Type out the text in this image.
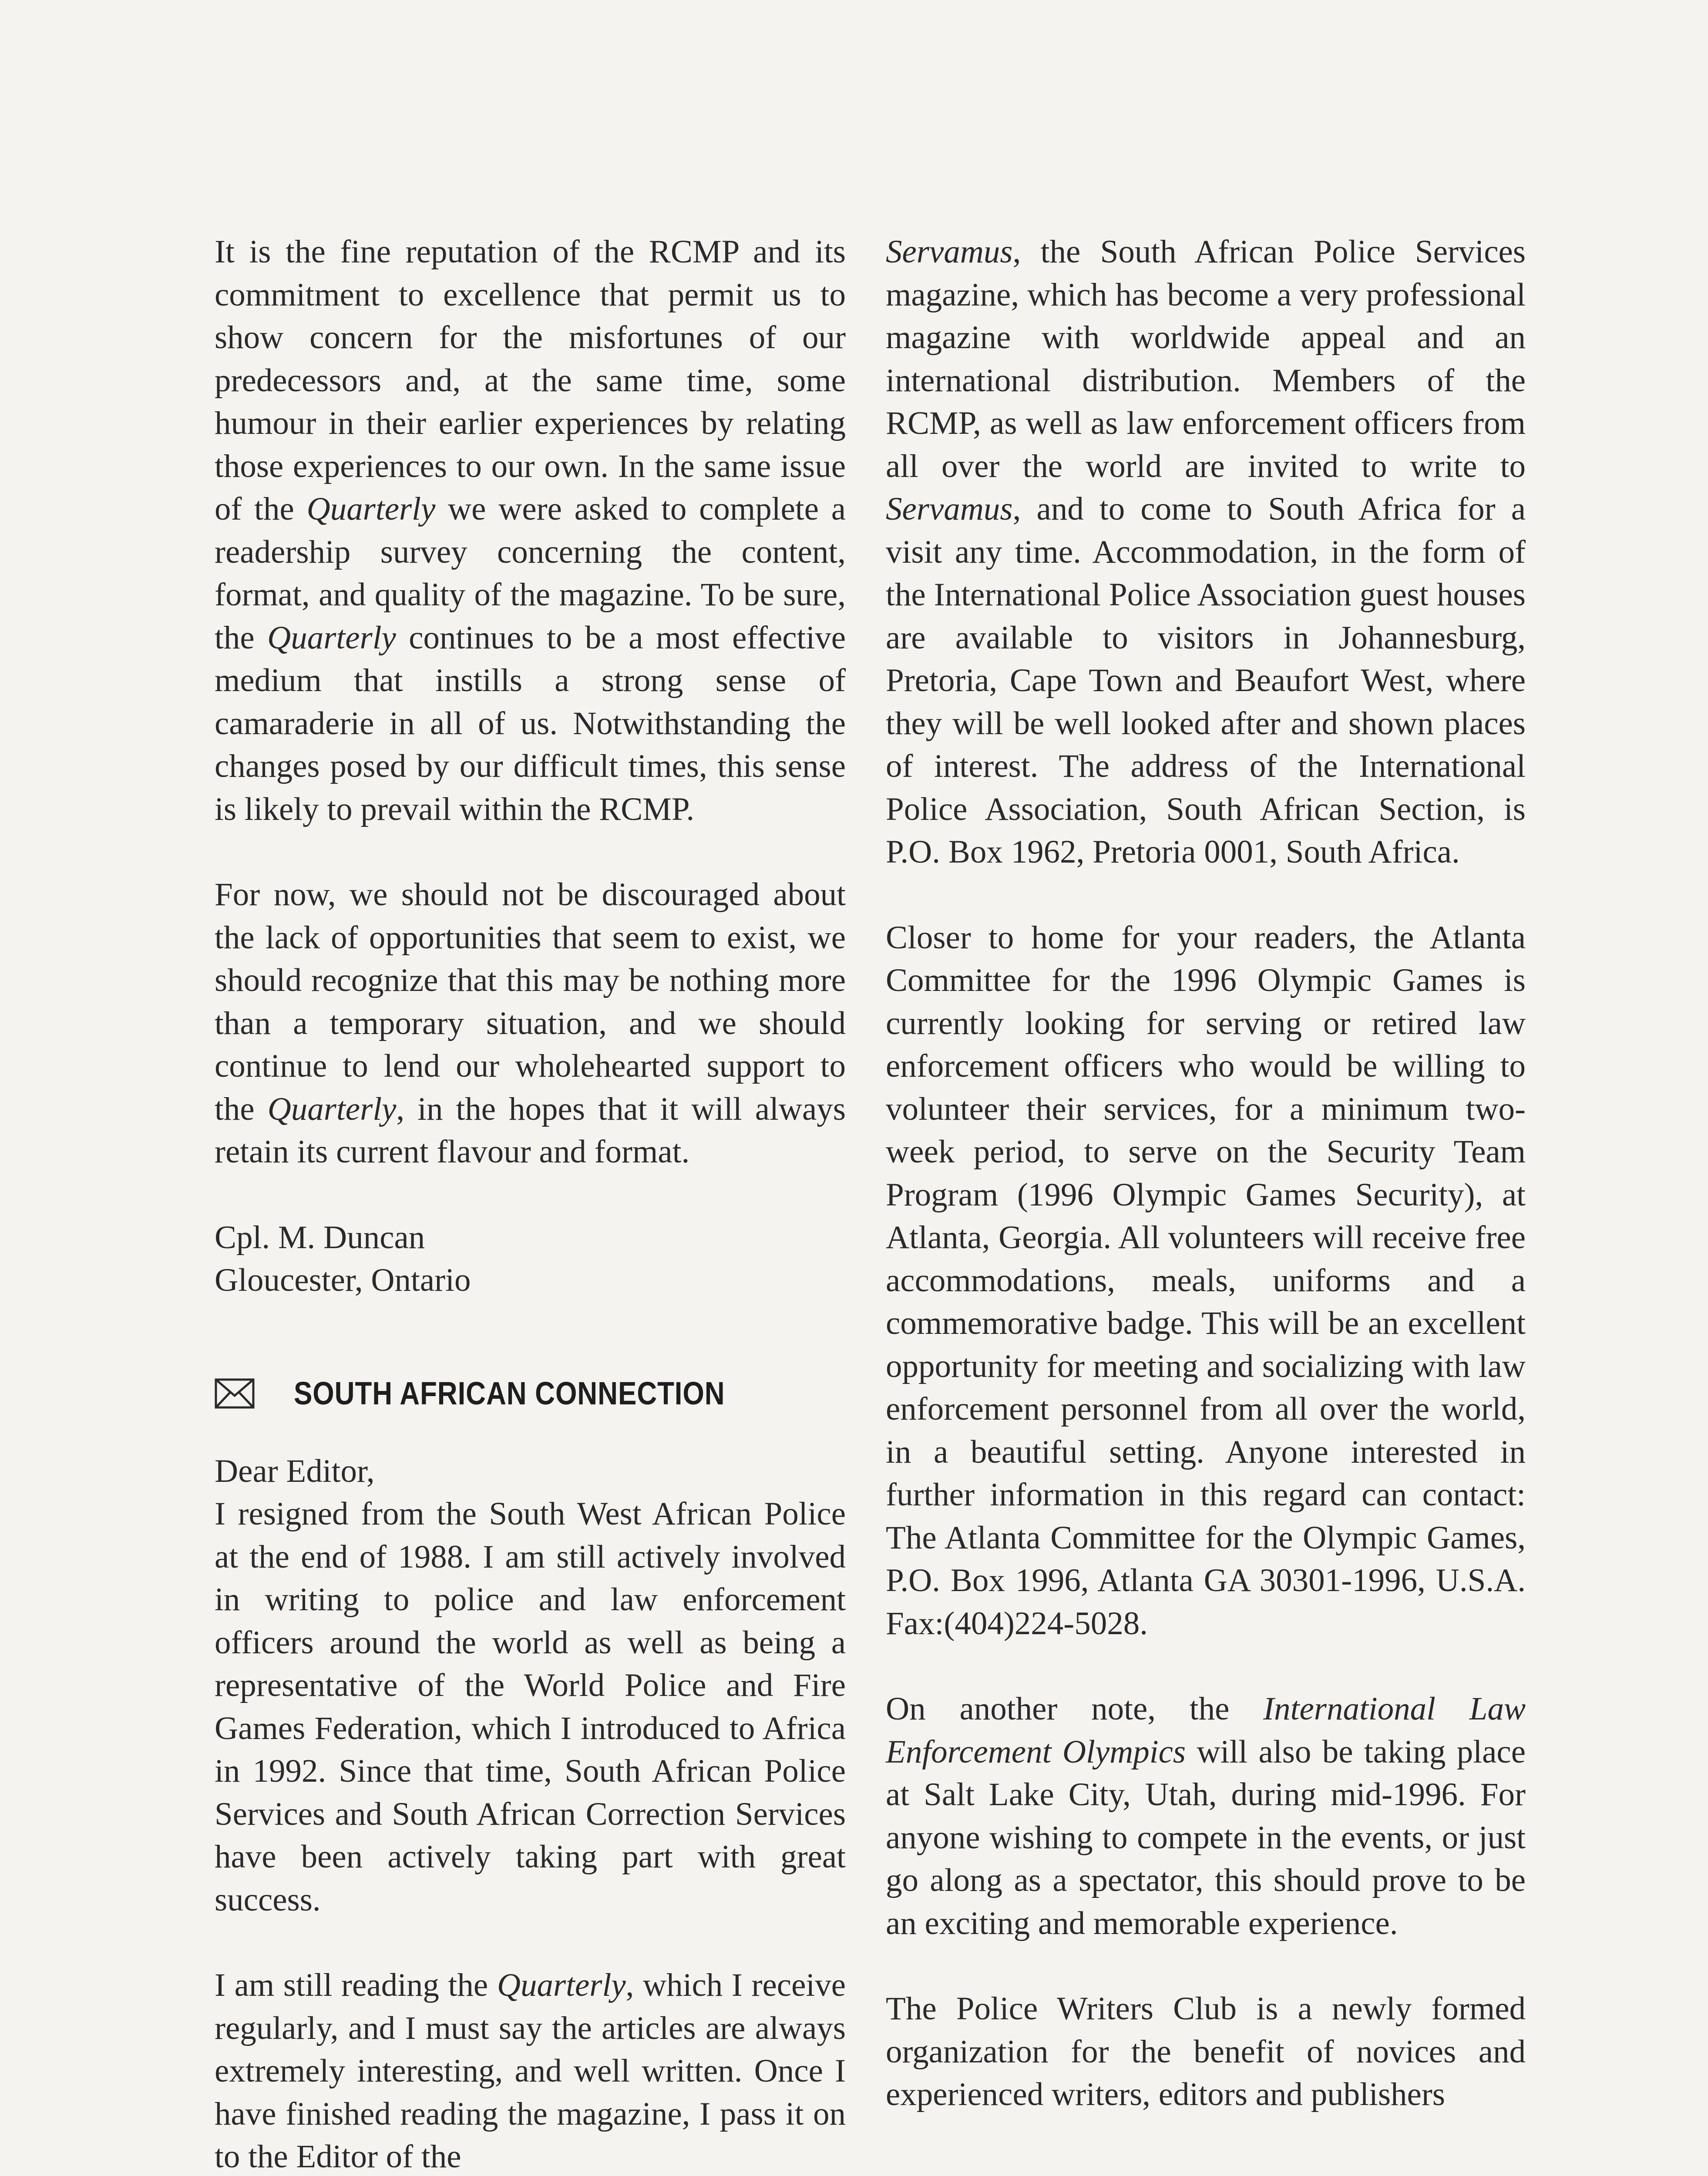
It is the fine reputation of the RCMP and its commitment to excellence that permit us to show concern for the misfortunes of our predecessors and, at the same time, some humour in their earlier experiences by relating those experiences to our own. In the same issue of the Quarterly we were asked to complete a readership survey concerning the content, format, and quality of the magazine. To be sure, the Quarterly continues to be a most effective medium that instills a strong sense of camaraderie in all of us. Notwithstanding the changes posed by our difficult times, this sense is likely to prevail within the RCMP.

For now, we should not be discouraged about the lack of opportunities that seem to exist, we should recognize that this may be nothing more than a temporary situation, and we should continue to lend our wholehearted support to the Quarterly, in the hopes that it will always retain its current flavour and format.

Cpl. M. Duncan

Gloucester, Ontario

SOUTH AFRICAN CONNECTION

Dear Editor,

I resigned from the South West African Police at the end of 1988. I am still actively involved in writing to police and law enforcement officers around the world as well as being a representative of the World Police and Fire Games Federation, which I introduced to Africa in 1992. Since that time, South African Police Services and South African Correction Services have been actively taking part with great success.

I am still reading the Quarterly, which I receive regularly, and I must say the articles are always extremely interesting, and well written. Once I have finished reading the magazine, I pass it on to the Editor of the

Servamus, the South African Police Services magazine, which has become a very professional magazine with worldwide appeal and an international distribution. Members of the RCMP, as well as law enforcement officers from all over the world are invited to write to Servamus, and to come to South Africa for a visit any time. Accommodation, in the form of the International Police Association guest houses are available to visitors in Johannesburg, Pretoria, Cape Town and Beaufort West, where they will be well looked after and shown places of interest. The address of the International Police Association, South African Section, is P.O. Box 1962, Pretoria 0001, South Africa.

Closer to home for your readers, the Atlanta Committee for the 1996 Olympic Games is currently looking for serving or retired law enforcement officers who would be willing to volunteer their services, for a minimum two-week period, to serve on the Security Team Program (1996 Olympic Games Security), at Atlanta, Georgia. All volunteers will receive free accommodations, meals, uniforms and a commemorative badge. This will be an excellent opportunity for meeting and socializing with law enforcement personnel from all over the world, in a beautiful setting. Anyone interested in further information in this regard can contact: The Atlanta Committee for the Olympic Games, P.O. Box 1996, Atlanta GA 30301-1996, U.S.A. Fax:(404)224-5028.

On another note, the International Law Enforcement Olympics will also be taking place at Salt Lake City, Utah, during mid-1996. For anyone wishing to compete in the events, or just go along as a spectator, this should prove to be an exciting and memorable experience.

The Police Writers Club is a newly formed organization for the benefit of novices and experienced writers, editors and publishers
